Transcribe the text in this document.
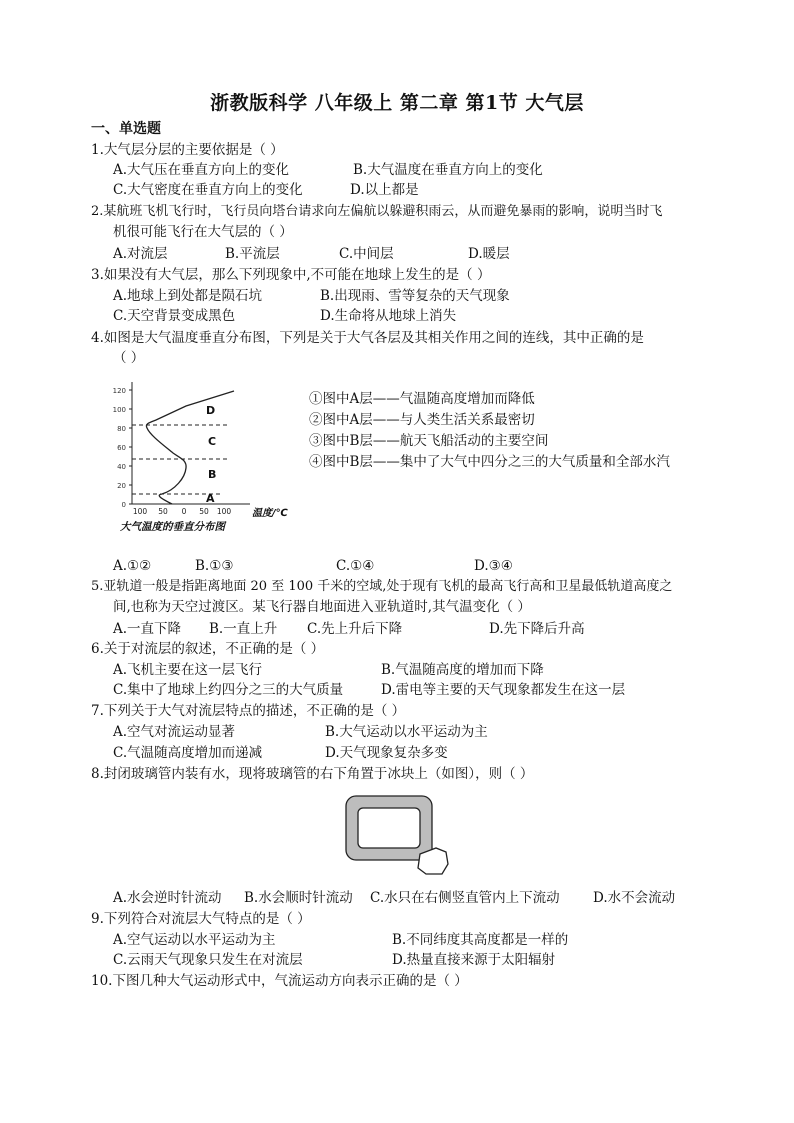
浙教版科学 八年级上 第二章 第1节 大气层
一、单选题
1.大气层分层的主要依据是（ ）
A.大气压在垂直方向上的变化	B.大气温度在垂直方向上的变化
C.大气密度在垂直方向上的变化	D.以上都是
2.某航班飞机飞行时，飞行员向塔台请求向左偏航以躲避积雨云，从而避免暴雨的影响，说明当时飞
机很可能飞行在大气层的（ ）
A.对流层	B.平流层	C.中间层	D.暖层
3.如果没有大气层，那么下列现象中,不可能在地球上发生的是（ ）
A.地球上到处都是陨石坑	B.出现雨、雪等复杂的天气现象
C.天空背景变成黑色	D.生命将从地球上消失
4.如图是大气温度垂直分布图，下列是关于大气各层及其相关作用之间的连线，其中正确的是
（ ）
0
20
40
60
80
100
120
100 50 0 50 100 温度/℃
A
B
C
D
大气温度的垂直分布图
①图中A层——气温随高度增加而降低
②图中A层——与人类生活关系最密切
③图中B层——航天飞船活动的主要空间
④图中B层——集中了大气中四分之三的大气质量和全部水汽
A.①②	B.①③	C.①④	D.③④
5.亚轨道一般是指距离地面 20 至 100 千米的空域,处于现有飞机的最高飞行高和卫星最低轨道高度之
间,也称为天空过渡区。某飞行器自地面进入亚轨道时,其气温变化（ ）
A.一直下降 B.一直上升 C.先上升后下降	D.先下降后升高
6.关于对流层的叙述，不正确的是（ ）
A.飞机主要在这一层飞行	B.气温随高度的增加而下降
C.集中了地球上约四分之三的大气质量	D.雷电等主要的天气现象都发生在这一层
7.下列关于大气对流层特点的描述，不正确的是（ ）
A.空气对流运动显著	B.大气运动以水平运动为主
C.气温随高度增加而递减	D.天气现象复杂多变
8.封闭玻璃管内装有水，现将玻璃管的右下角置于冰块上（如图），则（ ）
A.水会逆时针流动 B.水会顺时针流动 C.水只在右侧竖直管内上下流动 D.水不会流动
9.下列符合对流层大气特点的是（ ）
A.空气运动以水平运动为主	B.不同纬度其高度都是一样的
C.云雨天气现象只发生在对流层	D.热量直接来源于太阳辐射
10.下图几种大气运动形式中，气流运动方向表示正确的是（ ）
